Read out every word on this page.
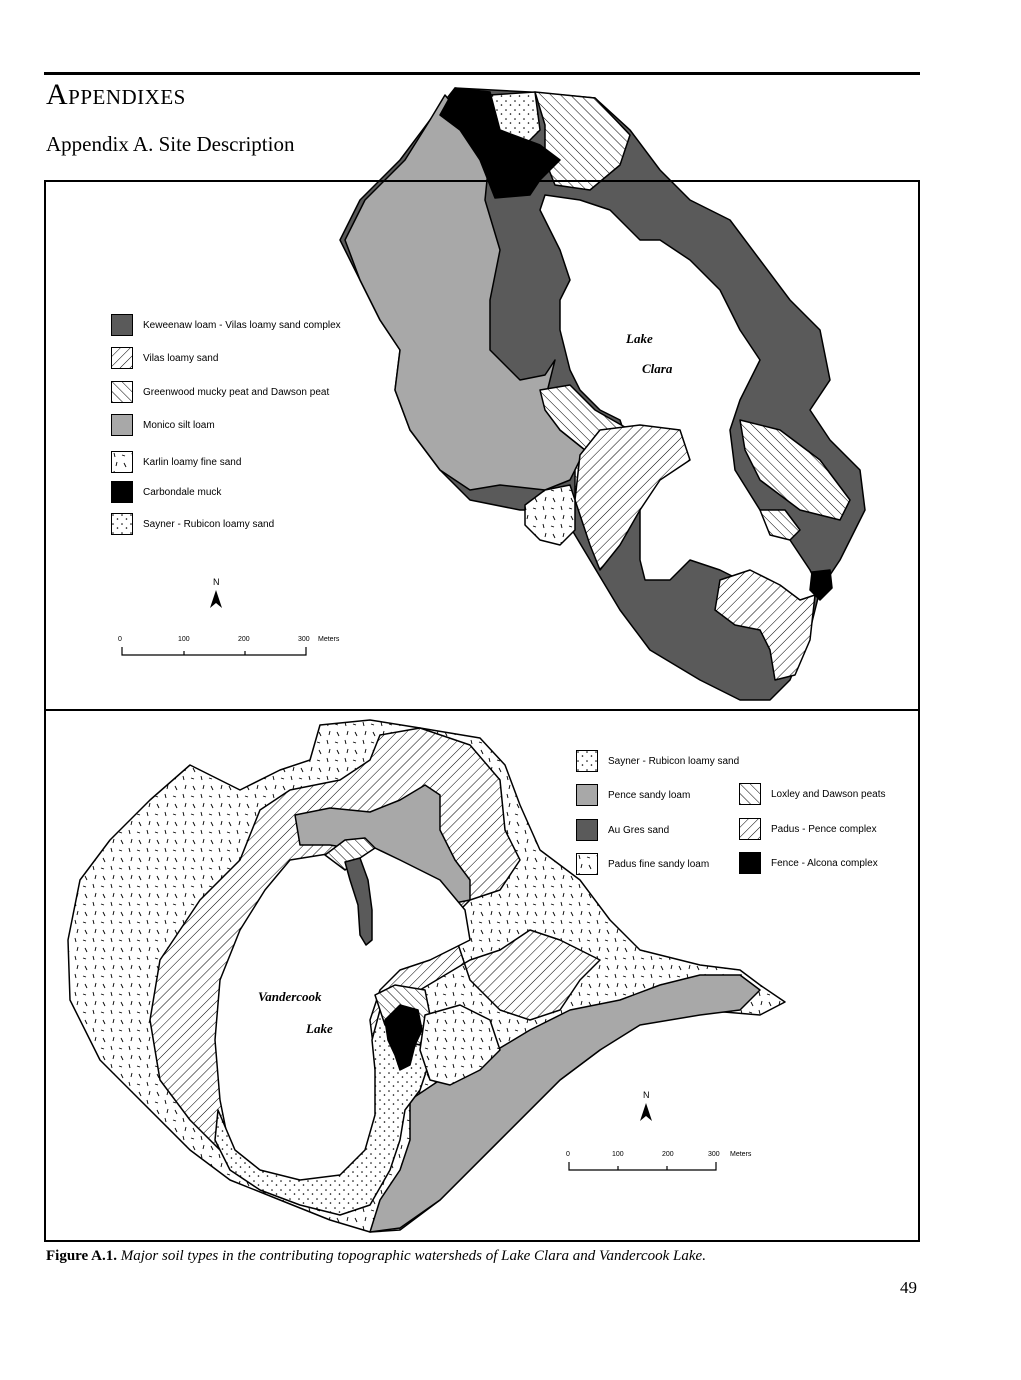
Appendixes
Appendix A. Site Description
Lake
Clara
N
0	100	200	300 Meters
Vandercook
Lake
N
0	100	200	300 Meters
Keweenaw loam - Vilas loamy sand complex
Vilas loamy sand
Greenwood mucky peat and Dawson peat
Monico silt loam
Karlin loamy fine sand
Carbondale muck
Sayner - Rubicon loamy sand
Sayner - Rubicon loamy sand
Pence sandy loam
Au Gres sand
Padus fine sandy loam
Loxley and Dawson peats
Padus - Pence complex
Fence - Alcona complex
Figure A.1. Major soil types in the contributing topographic watersheds of Lake Clara and Vandercook Lake.
49
